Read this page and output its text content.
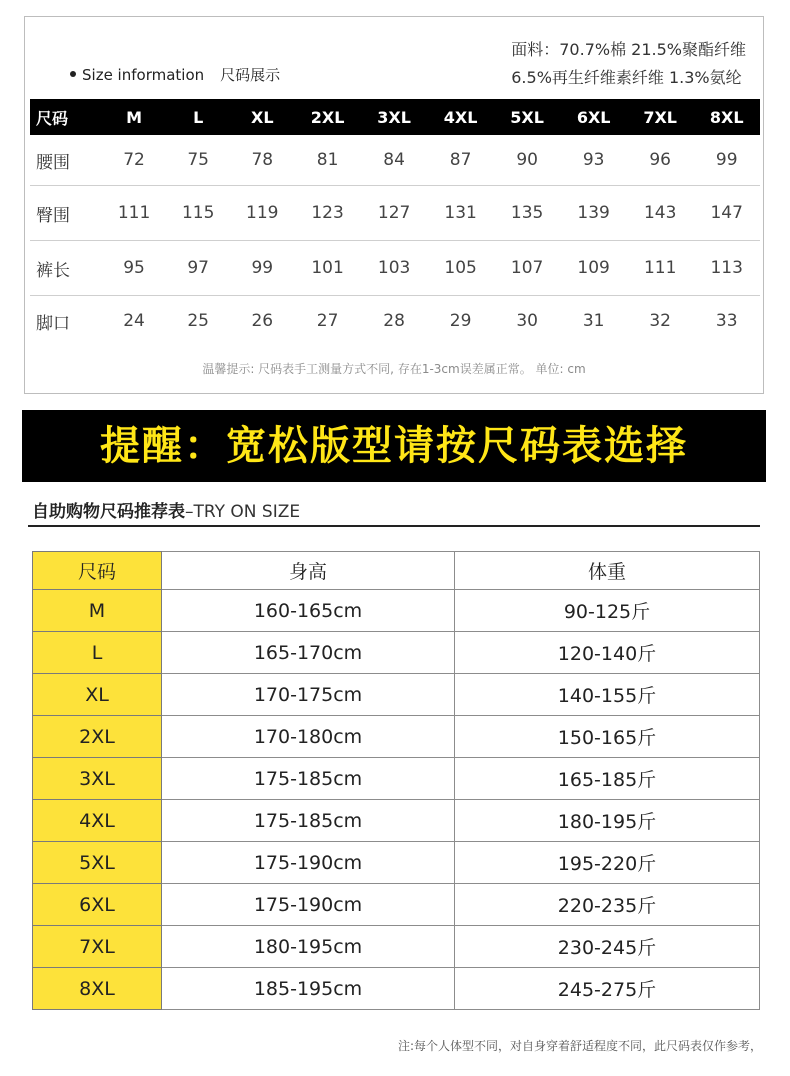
面料：70.7%棉 21.5%聚酯纤维
6.5%再生纤维素纤维 1.3%氨纶
Size information 尺码展示
尺码	M	L	XL	2XL	3XL	4XL	5XL	6XL	7XL	8XL
腰围	72	75	78	81	84	87	90	93	96	99
臀围	111	115	119	123	127	131	135	139	143	147
裤长	95	97	99	101	103	105	107	109	111	113
脚口	24	25	26	27	28	29	30	31	32	33
温馨提示: 尺码表手工测量方式不同, 存在1-3cm误差属正常。 单位: cm
提醒：宽松版型请按尺码表选择
自助购物尺码推荐表–TRY ON SIZE
尺码	身高	体重
M	160-165cm	90-125斤
L	165-170cm	120-140斤
XL	170-175cm	140-155斤
2XL	170-180cm	150-165斤
3XL	175-185cm	165-185斤
4XL	175-185cm	180-195斤
5XL	175-190cm	195-220斤
6XL	175-190cm	220-235斤
7XL	180-195cm	230-245斤
8XL	185-195cm	245-275斤
注:每个人体型不同，对自身穿着舒适程度不同，此尺码表仅作参考，
